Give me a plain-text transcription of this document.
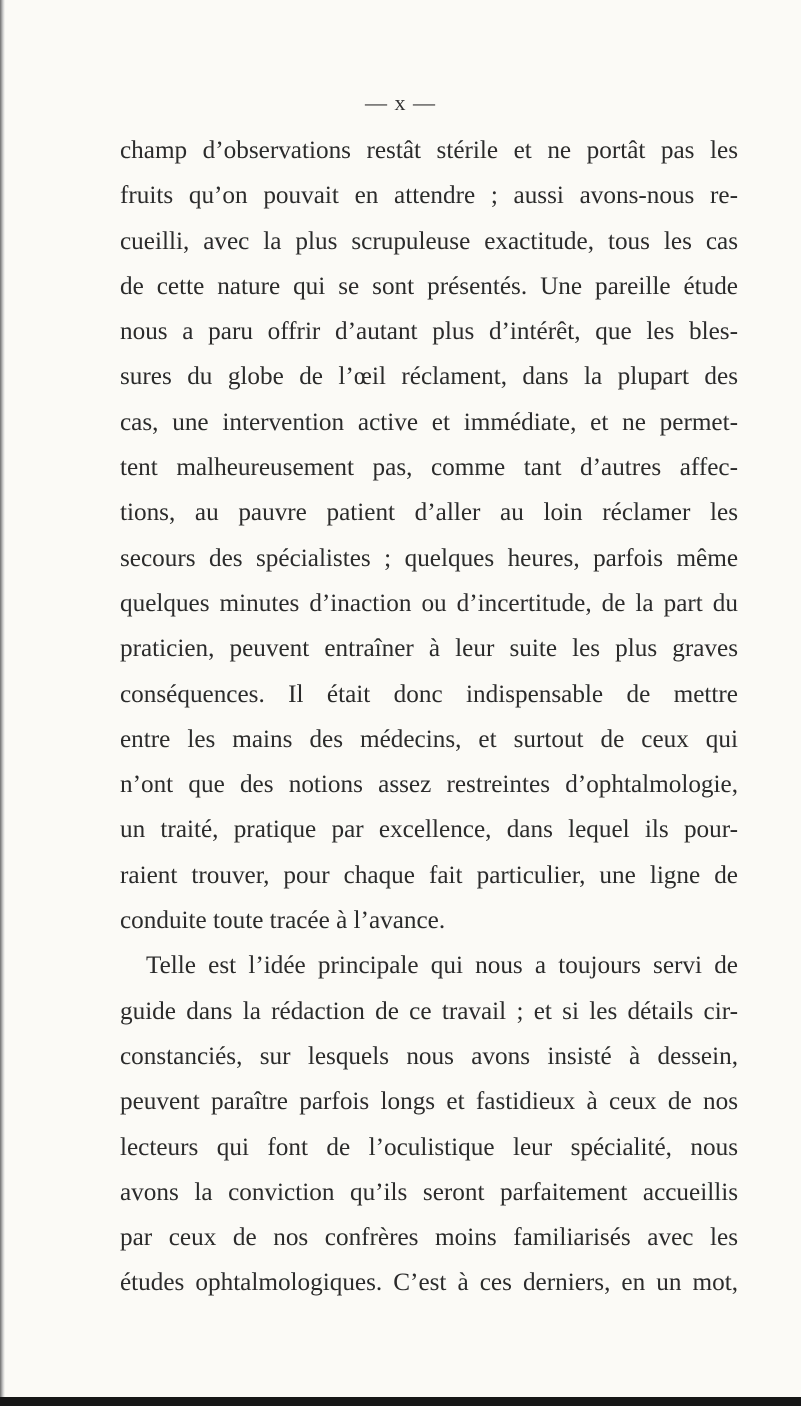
— x —
champ d’observations restât stérile et ne portât pas les
fruits qu’on pouvait en attendre ; aussi avons-nous re-
cueilli, avec la plus scrupuleuse exactitude, tous les cas
de cette nature qui se sont présentés. Une pareille étude
nous a paru offrir d’autant plus d’intérêt, que les bles-
sures du globe de l’œil réclament, dans la plupart des
cas, une intervention active et immédiate, et ne permet-
tent malheureusement pas, comme tant d’autres affec-
tions, au pauvre patient d’aller au loin réclamer les
secours des spécialistes ; quelques heures, parfois même
quelques minutes d’inaction ou d’incertitude, de la part du
praticien, peuvent entraîner à leur suite les plus graves
conséquences. Il était donc indispensable de mettre
entre les mains des médecins, et surtout de ceux qui
n’ont que des notions assez restreintes d’ophtalmologie,
un traité, pratique par excellence, dans lequel ils pour-
raient trouver, pour chaque fait particulier, une ligne de
conduite toute tracée à l’avance.
Telle est l’idée principale qui nous a toujours servi de
guide dans la rédaction de ce travail ; et si les détails cir-
constanciés, sur lesquels nous avons insisté à dessein,
peuvent paraître parfois longs et fastidieux à ceux de nos
lecteurs qui font de l’oculistique leur spécialité, nous
avons la conviction qu’ils seront parfaitement accueillis
par ceux de nos confrères moins familiarisés avec les
études ophtalmologiques. C’est à ces derniers, en un mot,
